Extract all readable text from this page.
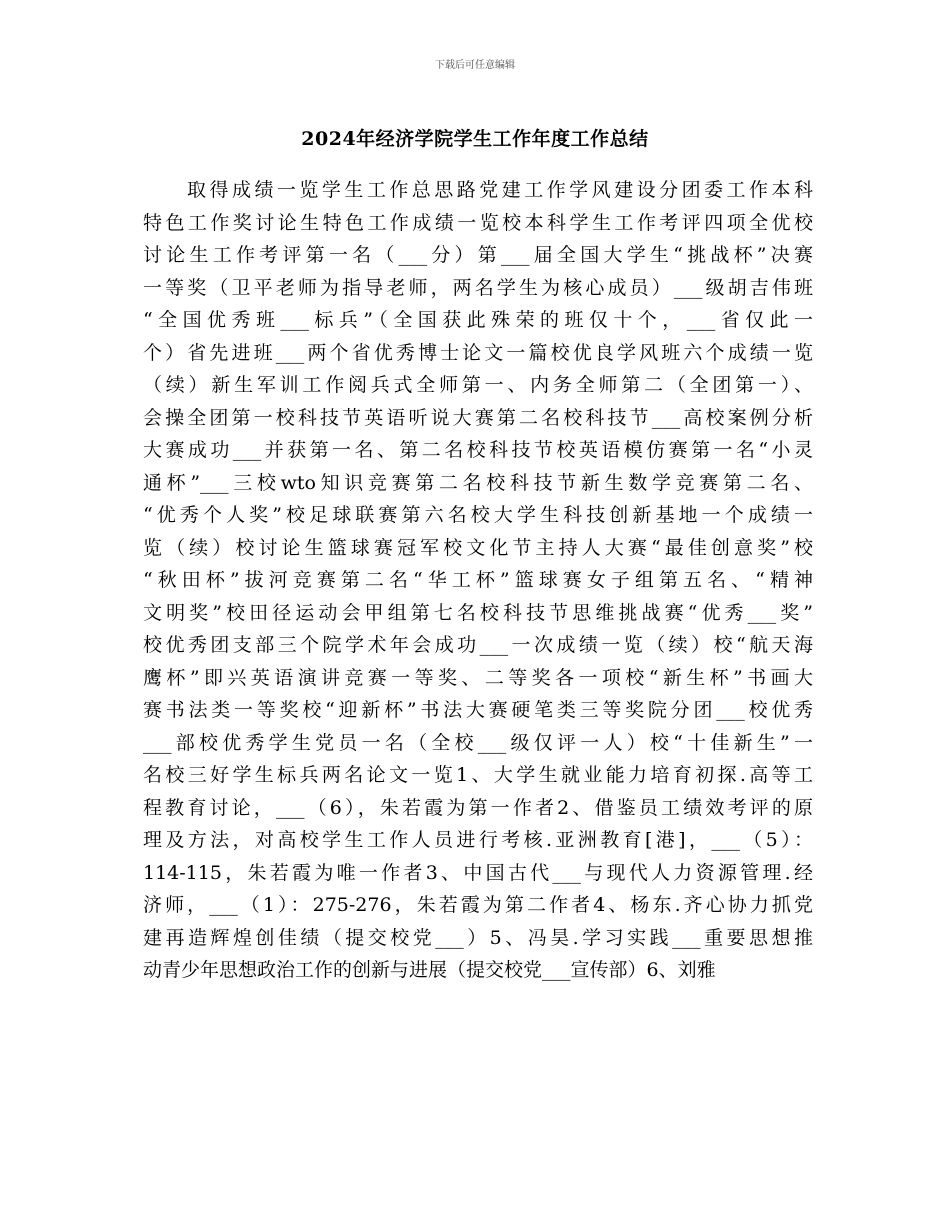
下载后可任意编辑
2024年经济学院学生工作年度工作总结
取得成绩一览学生工作总思路党建工作学风建设分团委工作本科
特色工作奖讨论生特色工作成绩一览校本科学生工作考评四项全优校
讨论生工作考评第一名（___分）第___届全国大学生“挑战杯”决赛
一等奖（卫平老师为指导老师，两名学生为核心成员）___级胡吉伟班
“全国优秀班___标兵”（全国获此殊荣的班仅十个，___省仅此一
个）省先进班___两个省优秀博士论文一篇校优良学风班六个成绩一览
（续）新生军训工作阅兵式全师第一、内务全师第二（全团第一）、
会操全团第一校科技节英语听说大赛第二名校科技节___高校案例分析
大赛成功___并获第一名、第二名校科技节校英语模仿赛第一名“小灵
通杯”___三校wto知识竞赛第二名校科技节新生数学竞赛第二名、
“优秀个人奖”校足球联赛第六名校大学生科技创新基地一个成绩一
览（续）校讨论生篮球赛冠军校文化节主持人大赛“最佳创意奖”校
“秋田杯”拔河竞赛第二名“华工杯”篮球赛女子组第五名、“精神
文明奖”校田径运动会甲组第七名校科技节思维挑战赛“优秀___奖”
校优秀团支部三个院学术年会成功___一次成绩一览（续）校“航天海
鹰杯”即兴英语演讲竞赛一等奖、二等奖各一项校“新生杯”书画大
赛书法类一等奖校“迎新杯”书法大赛硬笔类三等奖院分团___校优秀
___部校优秀学生党员一名（全校___级仅评一人）校“十佳新生”一
名校三好学生标兵两名论文一览1、大学生就业能力培育初探.高等工
程教育讨论，___（6），朱若霞为第一作者2、借鉴员工绩效考评的原
理及方法，对高校学生工作人员进行考核.亚洲教育[港]，___（5）：
114-115，朱若霞为唯一作者3、中国古代___与现代人力资源管理.经
济师，___（1）：275-276，朱若霞为第二作者4、杨东.齐心协力抓党
建再造辉煌创佳绩（提交校党___）5、冯昊.学习实践___重要思想推
动青少年思想政治工作的创新与进展（提交校党___宣传部）6、刘雅
